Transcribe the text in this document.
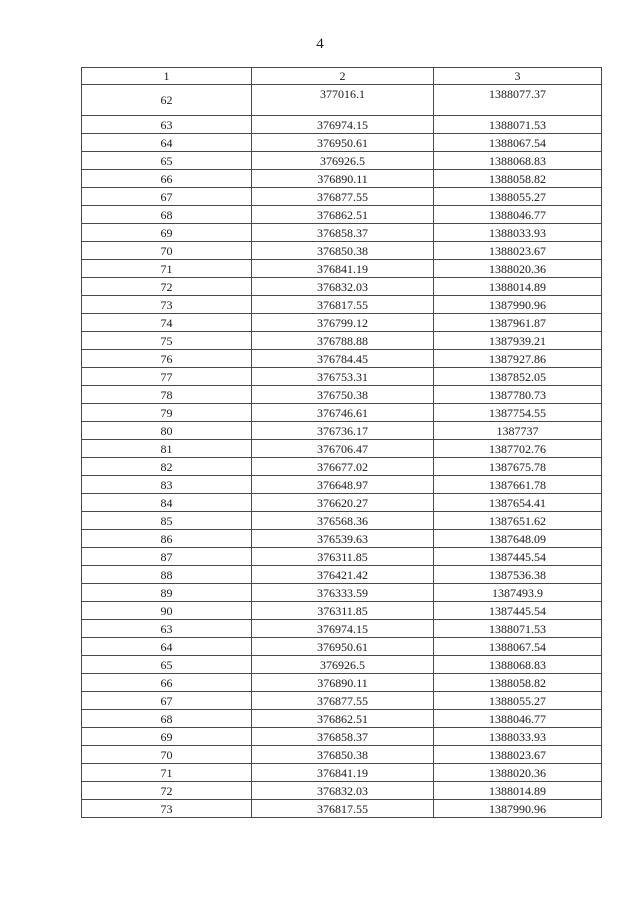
4
1	2	3
62	377016.1	1388077.37
63	376974.15	1388071.53
64	376950.61	1388067.54
65	376926.5	1388068.83
66	376890.11	1388058.82
67	376877.55	1388055.27
68	376862.51	1388046.77
69	376858.37	1388033.93
70	376850.38	1388023.67
71	376841.19	1388020.36
72	376832.03	1388014.89
73	376817.55	1387990.96
74	376799.12	1387961.87
75	376788.88	1387939.21
76	376784.45	1387927.86
77	376753.31	1387852.05
78	376750.38	1387780.73
79	376746.61	1387754.55
80	376736.17	1387737
81	376706.47	1387702.76
82	376677.02	1387675.78
83	376648.97	1387661.78
84	376620.27	1387654.41
85	376568.36	1387651.62
86	376539.63	1387648.09
87	376311.85	1387445.54
88	376421.42	1387536.38
89	376333.59	1387493.9
90	376311.85	1387445.54
63	376974.15	1388071.53
64	376950.61	1388067.54
65	376926.5	1388068.83
66	376890.11	1388058.82
67	376877.55	1388055.27
68	376862.51	1388046.77
69	376858.37	1388033.93
70	376850.38	1388023.67
71	376841.19	1388020.36
72	376832.03	1388014.89
73	376817.55	1387990.96
